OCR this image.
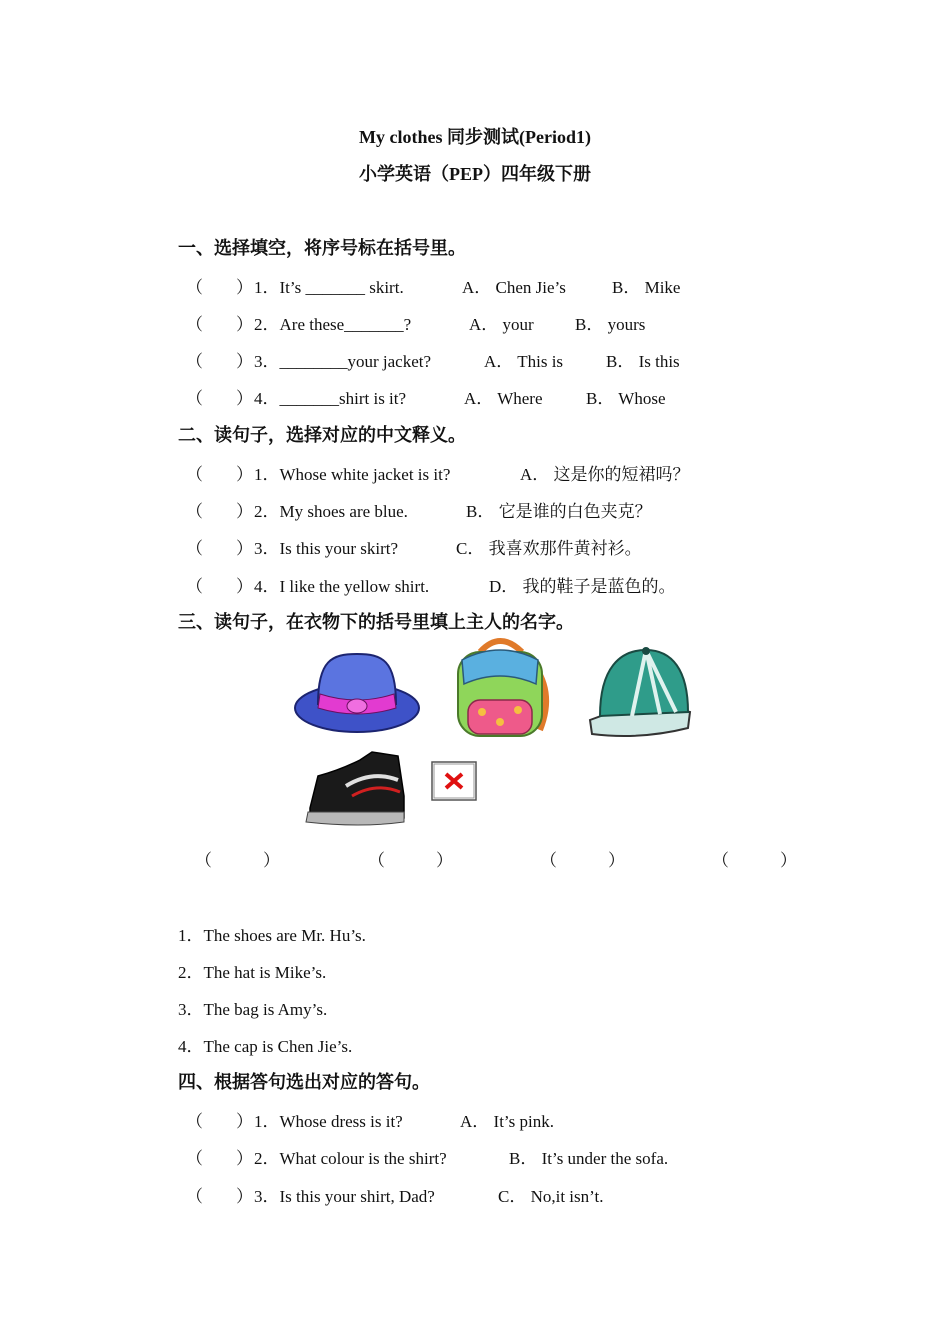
My clothes 同步测试(Period1)
小学英语（PEP）四年级下册
一、选择填空，将序号标在括号里。
（ ） 1．It’s _______ skirt.	A． Chen Jie’s	B． Mike
（ ） 2．Are these_______?	A． your B． yours
（ ） 3．________your jacket?	A． This is	B． Is this
（ ） 4．_______shirt is it?	A． Where	B． Whose
二、读句子，选择对应的中文释义。
（ ） 1．Whose white jacket is it?	A． 这是你的短裙吗？
（ ） 2．My shoes are blue.	B． 它是谁的白色夹克？
（ ） 3．Is this your skirt?	C． 我喜欢那件黄衬衫。
（ ） 4．I like the yellow shirt.	D． 我的鞋子是蓝色的。
三、读句子，在衣物下的括号里填上主人的名字。
（　　　）	（　　　）	（　　　）	（　　　）
1．The shoes are Mr. Hu’s.
2．The hat is Mike’s.
3．The bag is Amy’s.
4．The cap is Chen Jie’s.
四、根据答句选出对应的答句。
（ ） 1．Whose dress is it?	A． It’s pink.
（ ） 2．What colour is the shirt?	B． It’s under the sofa.
（ ） 3．Is this your shirt, Dad?	C． No,it isn’t.
